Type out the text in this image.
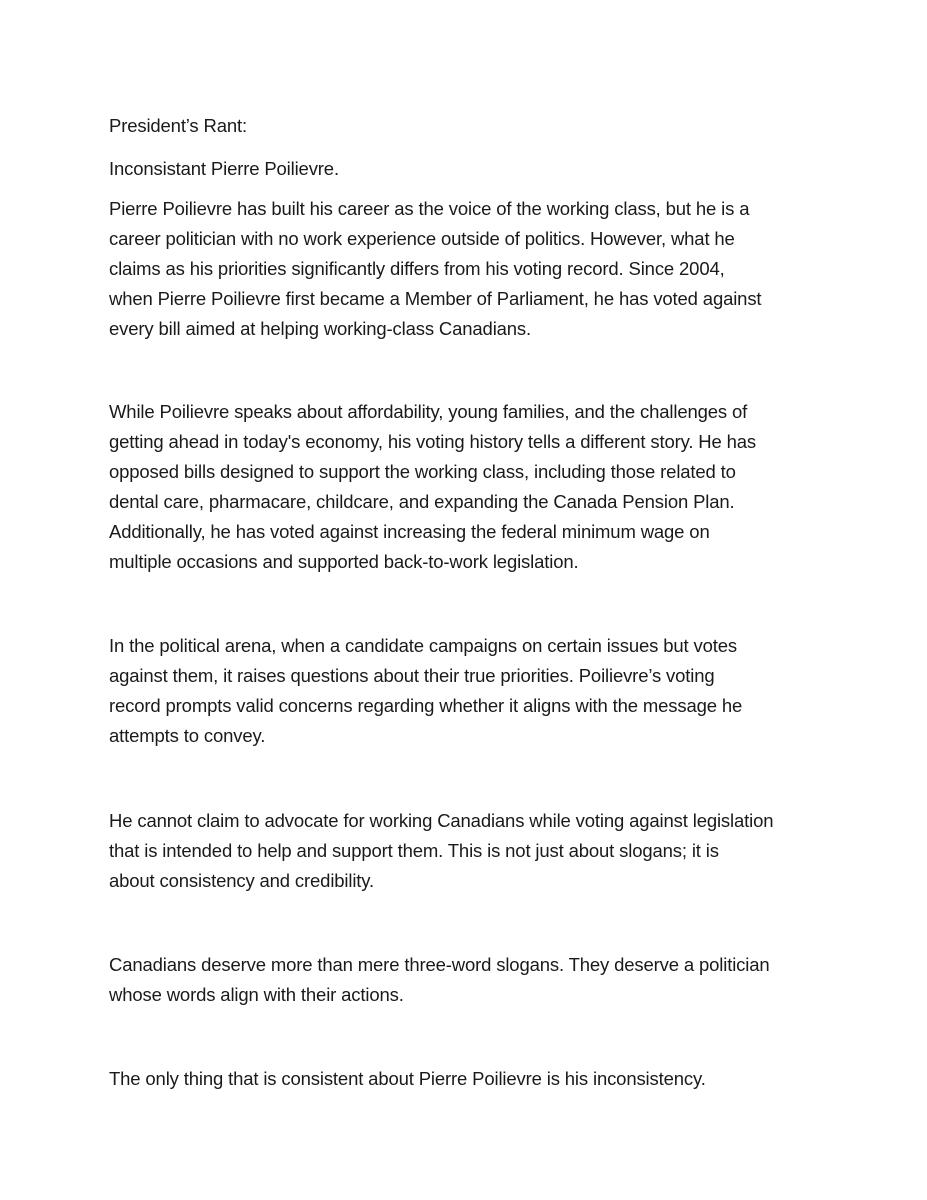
President’s Rant:

Inconsistant Pierre Poilievre.

Pierre Poilievre has built his career as the voice of the working class, but he is a

career politician with no work experience outside of politics. However, what he

claims as his priorities significantly differs from his voting record. Since 2004,

when Pierre Poilievre first became a Member of Parliament, he has voted against

every bill aimed at helping working-class Canadians.

While Poilievre speaks about affordability, young families, and the challenges of

getting ahead in today's economy, his voting history tells a different story. He has

opposed bills designed to support the working class, including those related to

dental care, pharmacare, childcare, and expanding the Canada Pension Plan.

Additionally, he has voted against increasing the federal minimum wage on

multiple occasions and supported back-to-work legislation.

In the political arena, when a candidate campaigns on certain issues but votes

against them, it raises questions about their true priorities. Poilievre’s voting

record prompts valid concerns regarding whether it aligns with the message he

attempts to convey.

He cannot claim to advocate for working Canadians while voting against legislation

that is intended to help and support them. This is not just about slogans; it is

about consistency and credibility.

Canadians deserve more than mere three-word slogans. They deserve a politician

whose words align with their actions.

The only thing that is consistent about Pierre Poilievre is his inconsistency.
